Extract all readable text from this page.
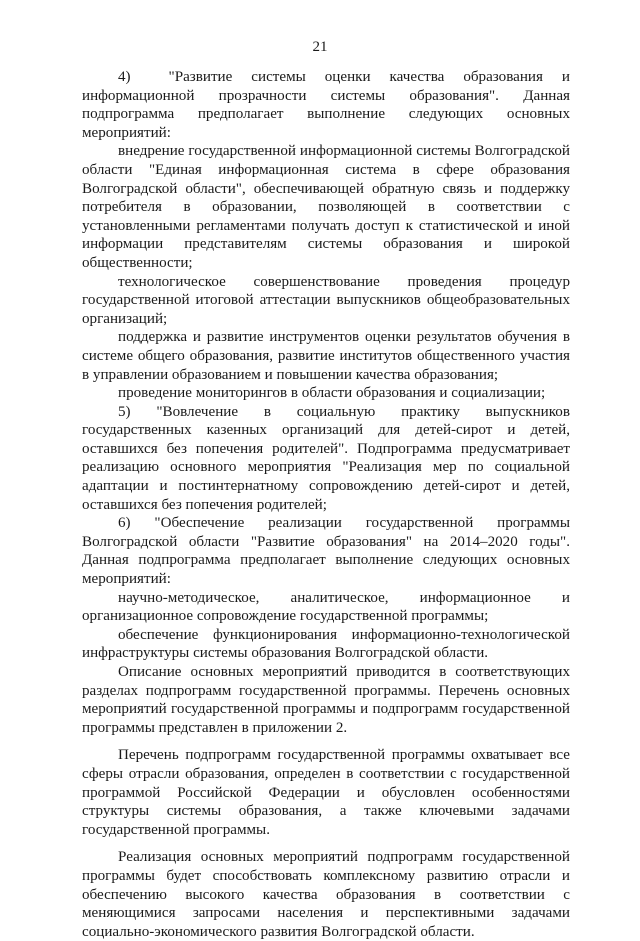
21

4)  "Развитие системы оценки качества образования и информационной прозрачности системы образования". Данная подпрограмма предполагает выполнение следующих основных мероприятий:

внедрение государственной информационной системы Волгоградской области "Единая информационная система в сфере образования Волгоградской области", обеспечивающей обратную связь и поддержку потребителя в образовании, позволяющей в соответствии с установленными регламентами получать доступ к статистической и иной информации представителям системы образования и широкой общественности;

технологическое совершенствование проведения процедур государственной итоговой аттестации выпускников общеобразовательных организаций;

поддержка и развитие инструментов оценки результатов обучения в системе общего образования, развитие институтов общественного участия в управлении образованием и повышении качества образования;

проведение мониторингов в области образования и социализации;

5) "Вовлечение в социальную практику выпускников государственных казенных организаций для детей-сирот и детей, оставшихся без попечения родителей". Подпрограмма предусматривает реализацию основного мероприятия "Реализация мер по социальной адаптации и постинтернатному сопровождению детей-сирот и детей, оставшихся без попечения родителей;

6) "Обеспечение реализации государственной программы Волгоградской области "Развитие образования" на 2014–2020 годы". Данная подпрограмма предполагает выполнение следующих основных мероприятий:

научно-методическое, аналитическое, информационное и организационное сопровождение государственной программы;

обеспечение функционирования информационно-технологической инфраструктуры системы образования Волгоградской области.

Описание основных мероприятий приводится в соответствующих разделах подпрограмм государственной программы. Перечень основных мероприятий государственной программы и подпрограмм государственной программы представлен в приложении 2.

Перечень подпрограмм государственной программы охватывает все сферы отрасли образования, определен в соответствии с государственной программой Российской Федерации и обусловлен особенностями структуры системы образования, а также ключевыми задачами государственной программы.

Реализация основных мероприятий подпрограмм государственной программы будет способствовать комплексному развитию отрасли и обеспечению высокого качества образования в соответствии с меняющимися запросами населения и перспективными задачами социально-экономического развития Волгоградской области.
